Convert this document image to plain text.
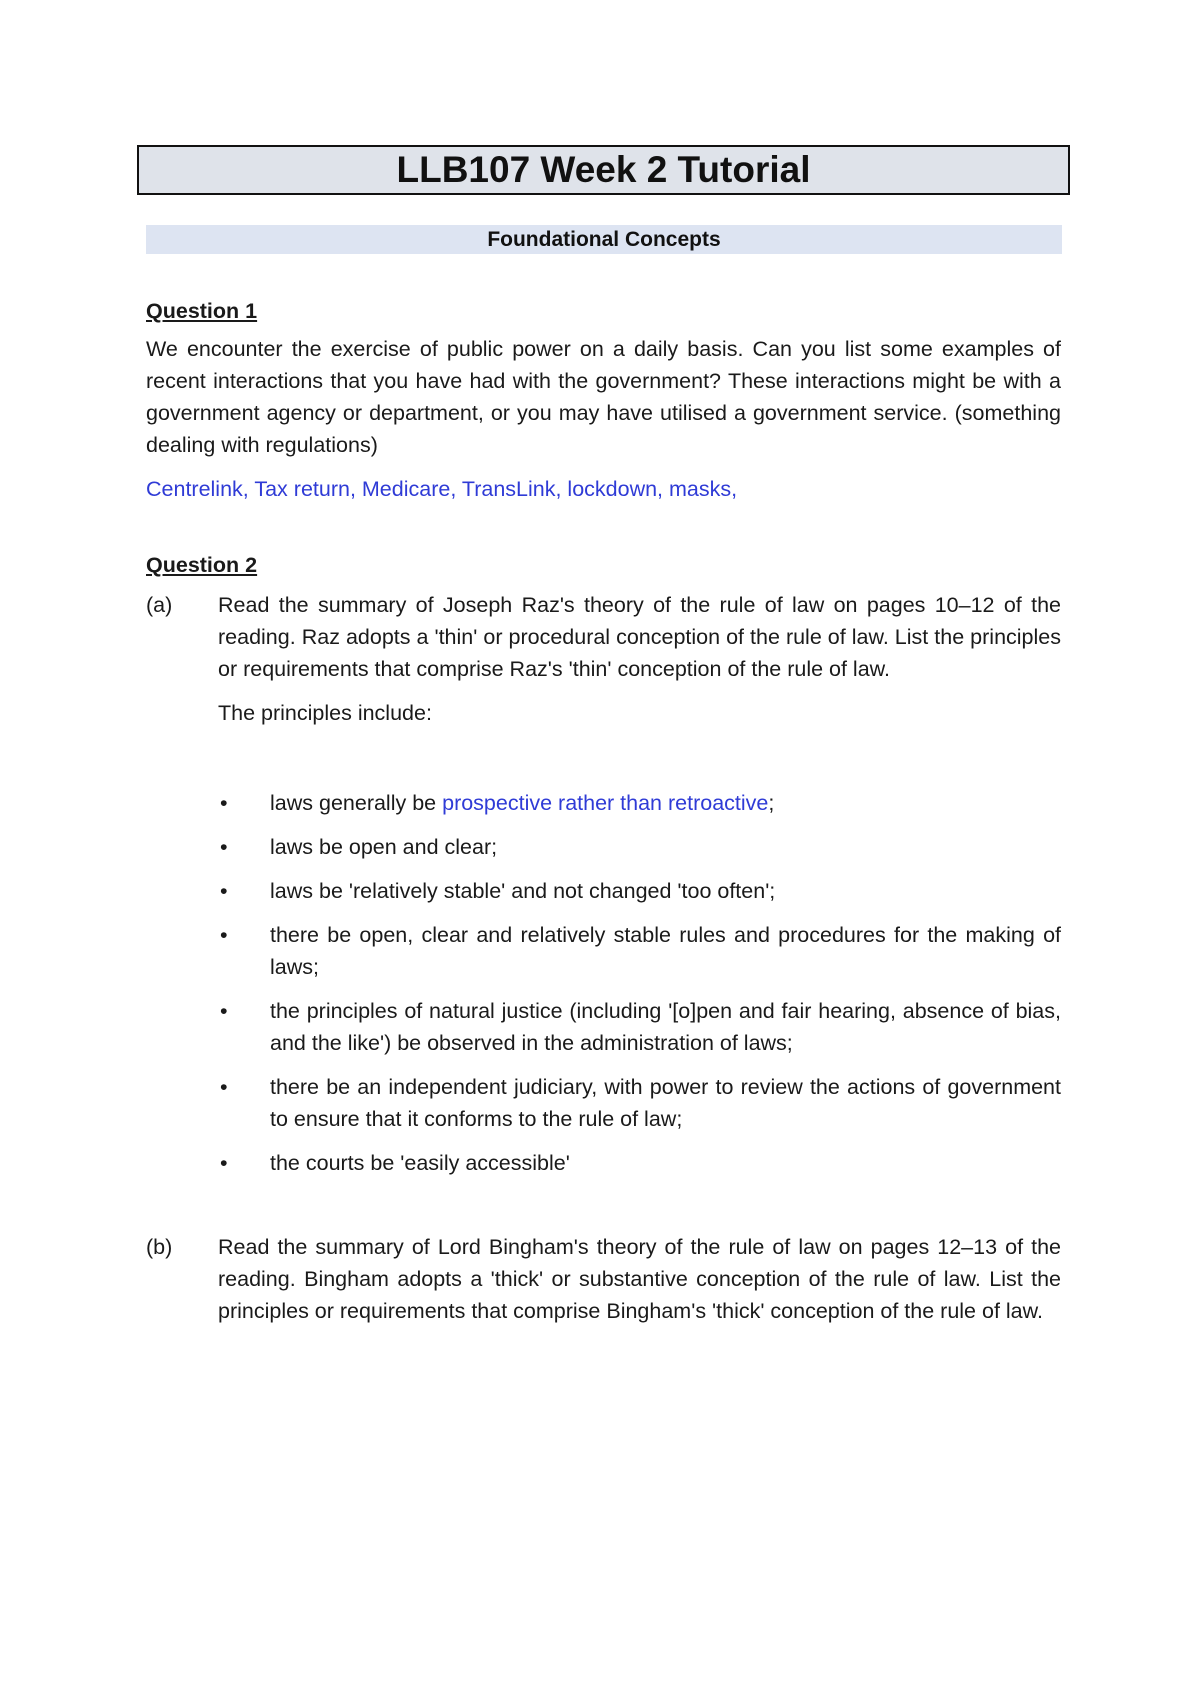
LLB107 Week 2 Tutorial
Foundational Concepts

Question 1

We encounter the exercise of public power on a daily basis. Can you list some examples of recent interactions that you have had with the government? These interactions might be with a government agency or department, or you may have utilised a government service. (something dealing with regulations)

Centrelink, Tax return, Medicare, TransLink, lockdown, masks,

Question 2

(a)	Read the summary of Joseph Raz's theory of the rule of law on pages 10–12 of the reading. Raz adopts a 'thin' or procedural conception of the rule of law. List the principles or requirements that comprise Raz's 'thin' conception of the rule of law.

The principles include:

•	laws generally be prospective rather than retroactive;
•	laws be open and clear;
•	laws be 'relatively stable' and not changed 'too often';
•	there be open, clear and relatively stable rules and procedures for the making of laws;
•	the principles of natural justice (including '[o]pen and fair hearing, absence of bias, and the like') be observed in the administration of laws;
•	there be an independent judiciary, with power to review the actions of government to ensure that it conforms to the rule of law;
•	the courts be 'easily accessible'
(b)	Read the summary of Lord Bingham's theory of the rule of law on pages 12–13 of the reading. Bingham adopts a 'thick' or substantive conception of the rule of law. List the principles or requirements that comprise Bingham's 'thick' conception of the rule of law.
